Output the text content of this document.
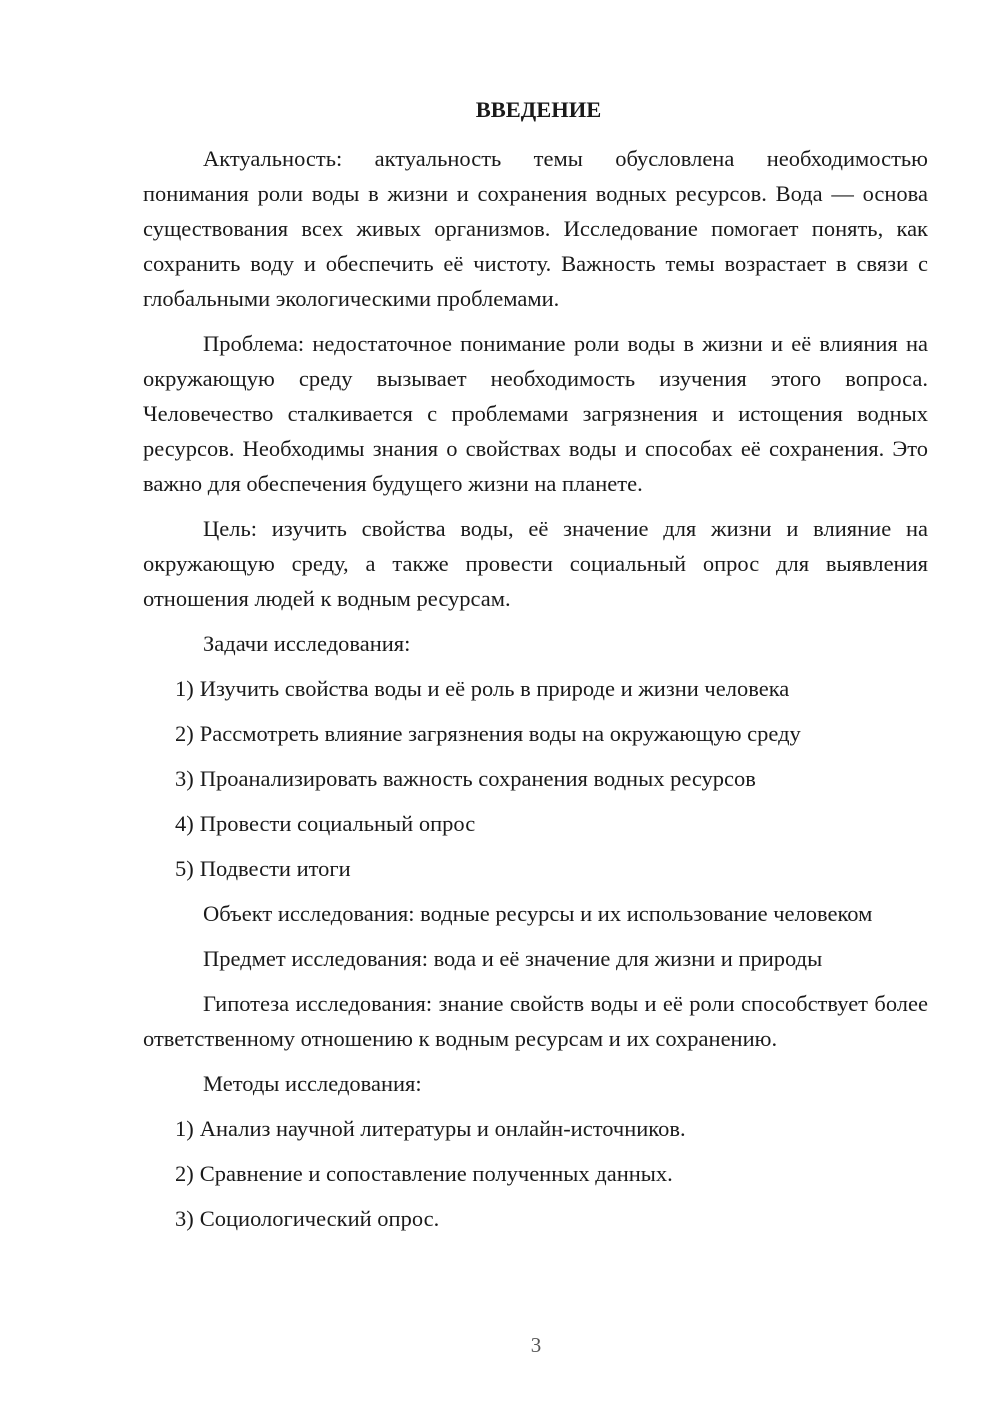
ВВЕДЕНИЕ

Актуальность: актуальность темы обусловлена необходимостью понимания роли воды в жизни и сохранения водных ресурсов. Вода — основа существования всех живых организмов. Исследование помогает понять, как сохранить воду и обеспечить её чистоту. Важность темы возрастает в связи с глобальными экологическими проблемами.

Проблема: недостаточное понимание роли воды в жизни и её влияния на окружающую среду вызывает необходимость изучения этого вопроса. Человечество сталкивается с проблемами загрязнения и истощения водных ресурсов. Необходимы знания о свойствах воды и способах её сохранения. Это важно для обеспечения будущего жизни на планете.

Цель: изучить свойства воды, её значение для жизни и влияние на окружающую среду, а также провести социальный опрос для выявления отношения людей к водным ресурсам.

Задачи исследования:

1) Изучить свойства воды и её роль в природе и жизни человека
2) Рассмотреть влияние загрязнения воды на окружающую среду
3) Проанализировать важность сохранения водных ресурсов
4) Провести социальный опрос
5) Подвести итоги

Объект исследования: водные ресурсы и их использование человеком

Предмет исследования: вода и её значение для жизни и природы

Гипотеза исследования: знание свойств воды и её роли способствует более ответственному отношению к водным ресурсам и их сохранению.

Методы исследования:

1) Анализ научной литературы и онлайн-источников.
2) Сравнение и сопоставление полученных данных.
3) Социологический опрос.
3
